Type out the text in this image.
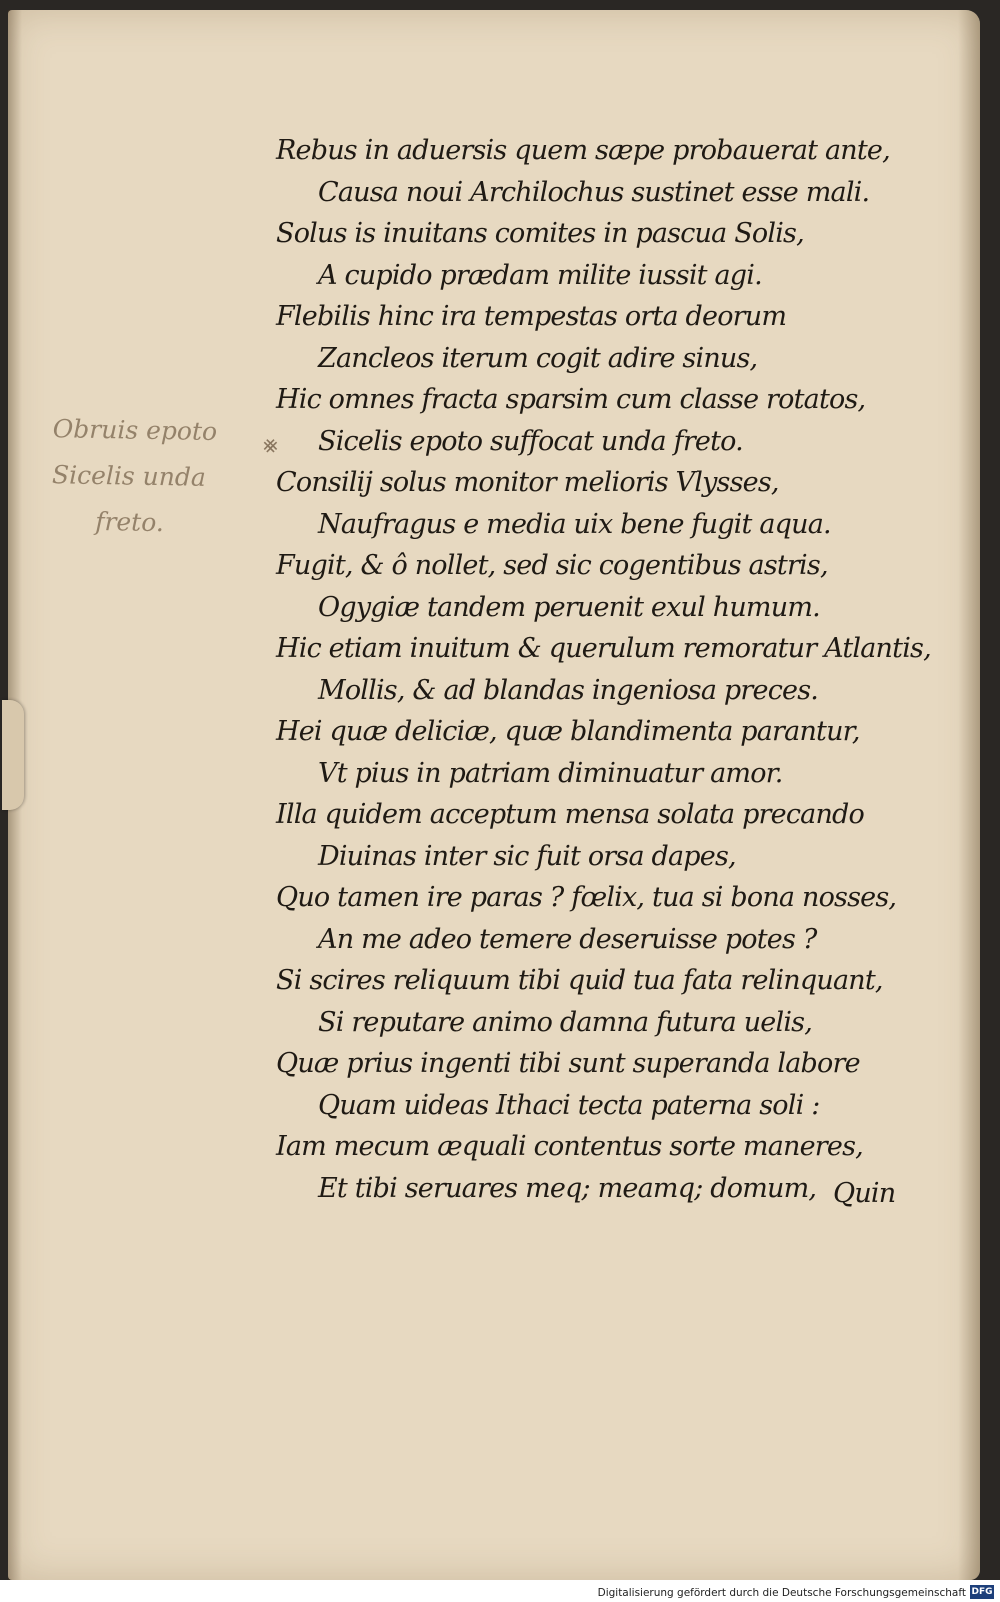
Rebus in aduersis quem sæpe probauerat ante,
Causa noui Archilochus sustinet esse mali.
Solus is inuitans comites in pascua Solis,
A cupido prædam milite iussit agi.
Flebilis hinc ira tempestas orta deorum
Zancleos iterum cogit adire sinus,
Hic omnes fracta sparsim cum classe rotatos,
Sicelis epoto suffocat unda freto.
Consilij solus monitor melioris Vlysses,
Naufragus e media uix bene fugit aqua.
Fugit, & ô nollet, sed sic cogentibus astris,
Ogygiæ tandem peruenit exul humum.
Hic etiam inuitum & querulum remoratur Atlantis,
Mollis, & ad blandas ingeniosa preces.
Hei quæ deliciæ, quæ blandimenta parantur,
Vt pius in patriam diminuatur amor.
Illa quidem acceptum mensa solata precando
Diuinas inter sic fuit orsa dapes,
Quo tamen ire paras ? fœlix, tua si bona nosses,
An me adeo temere deseruisse potes ?
Si scires reliquum tibi quid tua fata relinquant,
Si reputare animo damna futura uelis,
Quæ prius ingenti tibi sunt superanda labore
Quam uideas Ithaci tecta paterna soli :
Iam mecum æquali contentus sorte maneres,
Et tibi seruares meq; meamq; domum, Quin
Obruis epoto
Sicelis unda
freto.
⨳
Digitalisierung gefördert durch die Deutsche Forschungsgemeinschaft DFG
